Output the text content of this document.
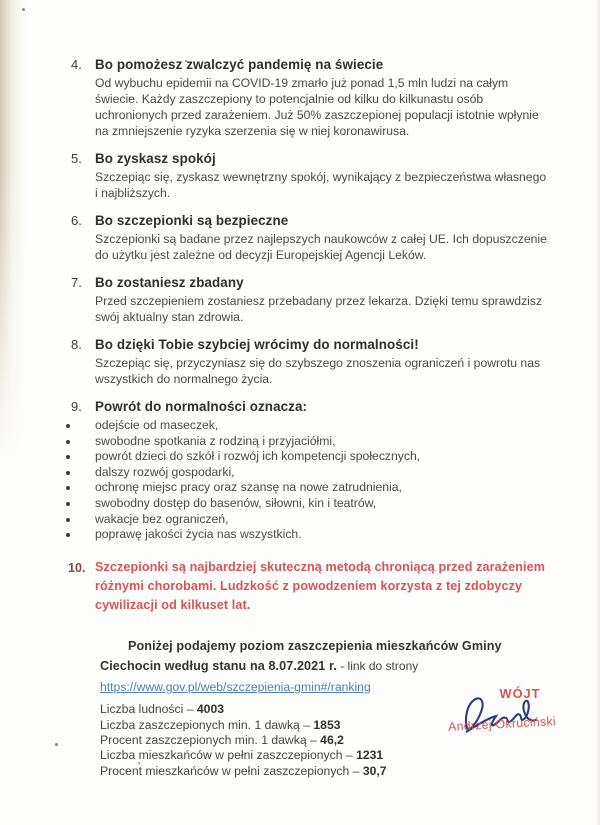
4. Bo pomożesz zwalczyć pandemię na świecie

Od wybuchu epidemii na COVID-19 zmarło już ponad 1,5 mln ludzi na całym świecie. Każdy zaszczepiony to potencjalnie od kilku do kilkunastu osób uchronionych przed zarażeniem. Już 50% zaszczepionej populacji istotnie wpłynie na zmniejszenie ryzyka szerzenia się w niej koronawirusa.

5. Bo zyskasz spokój

Szczepiąc się, zyskasz wewnętrzny spokój, wynikający z bezpieczeństwa własnego i najbliższych.

6. Bo szczepionki są bezpieczne

Szczepionki są badane przez najlepszych naukowców z całej UE. Ich dopuszczenie do użytku jest zależne od decyzji Europejskiej Agencji Leków.

7. Bo zostaniesz zbadany

Przed szczepieniem zostaniesz przebadany przez lekarza. Dzięki temu sprawdzisz swój aktualny stan zdrowia.

8. Bo dzięki Tobie szybciej wrócimy do normalności!

Szczepiąc się, przyczyniasz się do szybszego znoszenia ograniczeń i powrotu nas wszystkich do normalnego życia.

9. Powrót do normalności oznacza:
odejście od maseczek,
swobodne spotkania z rodziną i przyjaciółmi,
powrót dzieci do szkół i rozwój ich kompetencji społecznych,
dalszy rozwój gospodarki,
ochronę miejsc pracy oraz szansę na nowe zatrudnienia,
swobodny dostęp do basenów, siłowni, kin i teatrów,
wakacje bez ograniczeń,
poprawę jakości życia nas wszystkich.
10. Szczepionki są najbardziej skuteczną metodą chroniącą przed zarażeniem różnymi chorobami. Ludzkość z powodzeniem korzysta z tej zdobyczy cywilizacji od kilkuset lat.

Poniżej podajemy poziom zaszczepienia mieszkańców Gminy Ciechocin według stanu na 8.07.2021 r. - link do strony https://www.gov.pl/web/szczepienia-gmin#/ranking

Liczba ludności – 4003
Liczba zaszczepionych min. 1 dawką – 1853
Procent zaszczepionych min. 1 dawką – 46,2
Liczba mieszkańców w pełni zaszczepionych – 1231
Procent mieszkańców w pełni zaszczepionych – 30,7
WÓJT
Andrzej Okruciński
